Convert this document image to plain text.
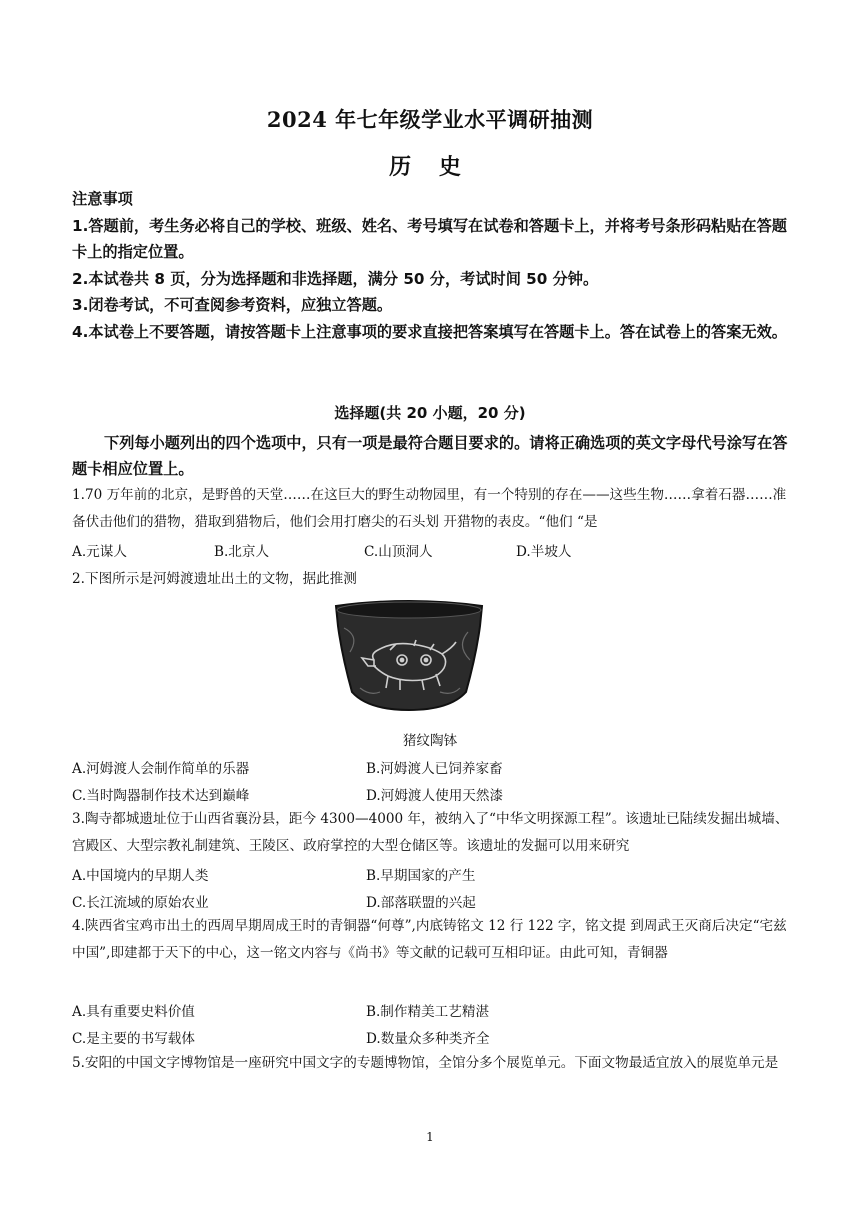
2024 年七年级学业水平调研抽测
历 史
注意事项
1.答题前，考生务必将自己的学校、班级、姓名、考号填写在试卷和答题卡上，并将考号条形码粘贴在答题卡上的指定位置。
2.本试卷共 8 页，分为选择题和非选择题，满分 50 分，考试时间 50 分钟。
3.闭卷考试，不可查阅参考资料，应独立答题。
4.本试卷上不要答题，请按答题卡上注意事项的要求直接把答案填写在答题卡上。答在试卷上的答案无效。
选择题(共 20 小题，20 分)
下列每小题列出的四个选项中，只有一项是最符合题目要求的。请将正确选项的英文字母代号涂写在答题卡相应位置上。
1.70 万年前的北京，是野兽的天堂……在这巨大的野生动物园里，有一个特别的存在——这些生物……拿着石器……准备伏击他们的猎物，猎取到猎物后，他们会用打磨尖的石头划 开猎物的表皮。“他们 “是
A.元谋人	B.北京人	C.山顶洞人	D.半坡人
2.下图所示是河姆渡遗址出土的文物，据此推测
猪纹陶钵
A.河姆渡人会制作简单的乐器	B.河姆渡人已饲养家畜
C.当时陶器制作技术达到巅峰	D.河姆渡人使用天然漆
3.陶寺都城遗址位于山西省襄汾县，距今 4300—4000 年，被纳入了“中华文明探源工程”。该遗址已陆续发掘出城墙、宫殿区、大型宗教礼制建筑、王陵区、政府掌控的大型仓储区等。该遗址的发掘可以用来研究
A.中国境内的早期人类	B.早期国家的产生
C.长江流域的原始农业	D.部落联盟的兴起
4.陕西省宝鸡市出土的西周早期周成王时的青铜器“何尊”,内底铸铭文 12 行 122 字，铭文提 到周武王灭商后决定“宅兹中国”,即建都于天下的中心，这一铭文内容与《尚书》等文献的记载可互相印证。由此可知，青铜器
A.具有重要史料价值	B.制作精美工艺精湛
C.是主要的书写载体	D.数量众多种类齐全
5.安阳的中国文字博物馆是一座研究中国文字的专题博物馆，全馆分多个展览单元。下面文物最适宜放入的展览单元是
1
